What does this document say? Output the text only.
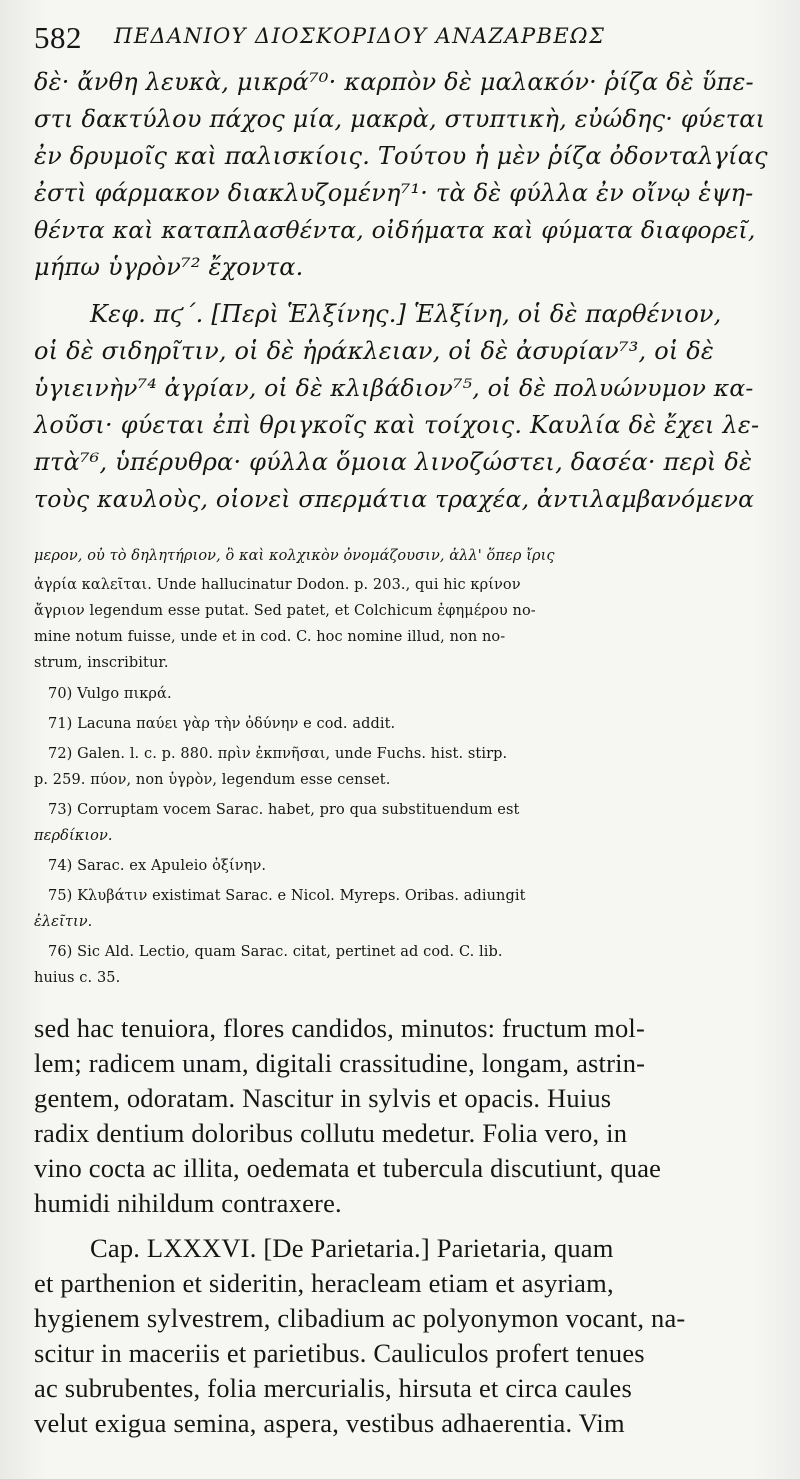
582 ΠΕΔΑΝΙΟΥ ΔΙΟΣΚΟΡΙΔΟΥ ΑΝΑΖΑΡΒΕΩΣ
δὲ· ἄνθη λευκὰ, μικρά⁷⁰· καρπὸν δὲ μαλακόν· ῥίζα δὲ ὕπε-
στι δακτύλου πάχος μία, μακρὰ, στυπτικὴ, εὐώδης· φύεται
ἐν δρυμοῖς καὶ παλισκίοις. Τούτου ἡ μὲν ῥίζα ὀδονταλγίας
ἐστὶ φάρμακον διακλυζομένη⁷¹· τὰ δὲ φύλλα ἐν οἴνῳ ἑψη-
θέντα καὶ καταπλασθέντα, οἰδήματα καὶ φύματα διαφορεῖ,
μήπω ὑγρὸν⁷² ἔχοντα.
Κεφ. πϛ΄. [Περὶ Ἑλξίνης.] Ἑλξίνη, οἱ δὲ παρθένιον,
οἱ δὲ σιδηρῖτιν, οἱ δὲ ἡράκλειαν, οἱ δὲ ἀσυρίαν⁷³, οἱ δὲ
ὑγιεινὴν⁷⁴ ἀγρίαν, οἱ δὲ κλιβάδιον⁷⁵, οἱ δὲ πολυώνυμον κα-
λοῦσι· φύεται ἐπὶ θριγκοῖς καὶ τοίχοις. Καυλία δὲ ἔχει λε-
πτὰ⁷⁶, ὑπέρυθρα· φύλλα ὅμοια λινοζώστει, δασέα· περὶ δὲ
τοὺς καυλοὺς, οἱονεὶ σπερμάτια τραχέα, ἀντιλαμβανόμενα
μερον, οὐ τὸ δηλητήριον, ὃ καὶ κολχικὸν ὀνομάζουσιν, ἀλλ' ὅπερ ἴρις
ἀγρία καλεῖται. Unde hallucinatur Dodon. p. 203., qui hic κρίνον
ἄγριον legendum esse putat. Sed patet, et Colchicum ἐφημέρου no-
mine notum fuisse, unde et in cod. C. hoc nomine illud, non no-
strum, inscribitur.
70) Vulgo πικρά.
71) Lacuna παύει γὰρ τὴν ὀδύνην e cod. addit.
72) Galen. l. c. p. 880. πρὶν ἐκπνῆσαι, unde Fuchs. hist. stirp.
p. 259. πύον, non ὑγρὸν, legendum esse censet.
73) Corruptam vocem Sarac. habet, pro qua substituendum est
περδίκιον.
74) Sarac. ex Apuleio ὀξίνην.
75) Κλυβάτιν existimat Sarac. e Nicol. Myreps. Oribas. adiungit
ἐλεῖτιν.
76) Sic Ald. Lectio, quam Sarac. citat, pertinet ad cod. C. lib.
huius c. 35.
sed hac tenuiora, flores candidos, minutos: fructum mol-
lem; radicem unam, digitali crassitudine, longam, astrin-
gentem, odoratam. Nascitur in sylvis et opacis. Huius
radix dentium doloribus collutu medetur. Folia vero, in
vino cocta ac illita, oedemata et tubercula discutiunt, quae
humidi nihildum contraxere.
Cap. LXXXVI. [De Parietaria.] Parietaria, quam
et parthenion et sideritin, heracleam etiam et asyriam,
hygienem sylvestrem, clibadium ac polyonymon vocant, na-
scitur in maceriis et parietibus. Cauliculos profert tenues
ac subrubentes, folia mercurialis, hirsuta et circa caules
velut exigua semina, aspera, vestibus adhaerentia. Vim
